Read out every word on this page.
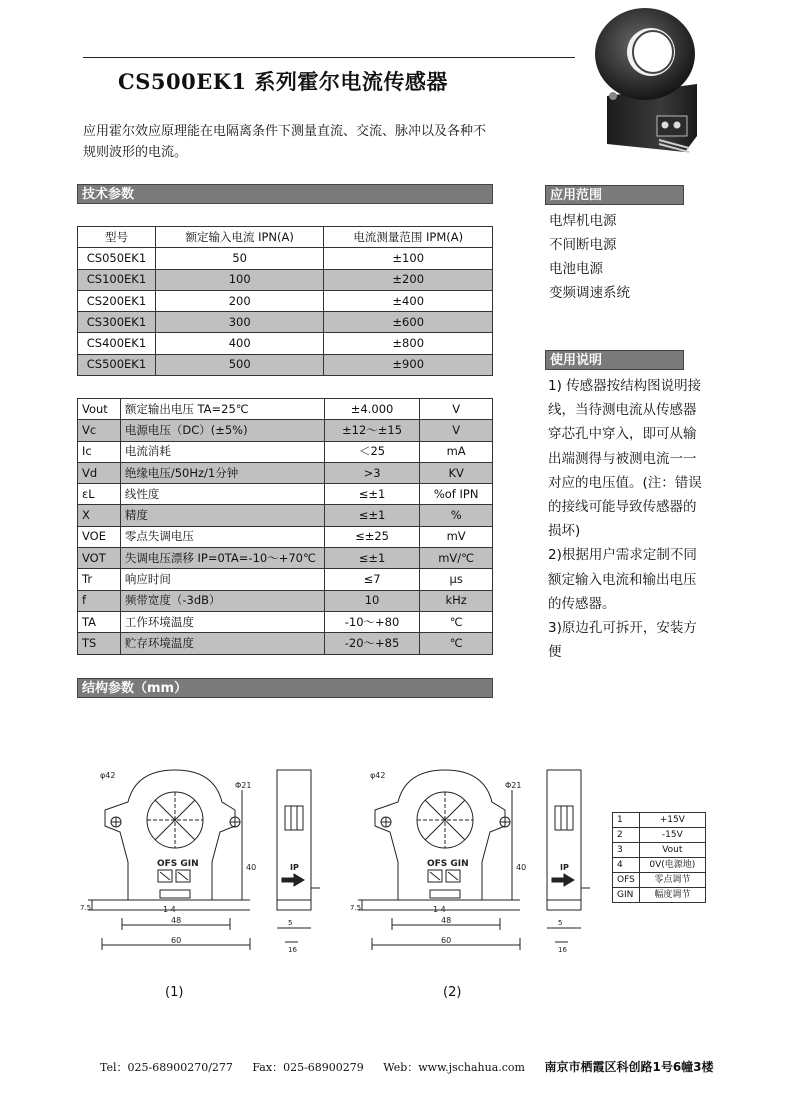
CS500EK1 系列霍尔电流传感器
应用霍尔效应原理能在电隔离条件下测量直流、交流、脉冲以及各种不规则波形的电流。
技术参数	应用范围
使用说明
结构参数（mm）
型号	额定输入电流 IPN(A)	电流测量范围 IPM(A)
CS050EK1	50	±100
CS100EK1	100	±200
CS200EK1	200	±400
CS300EK1	300	±600
CS400EK1	400	±800
CS500EK1	500	±900
Vout	额定输出电压 TA=25℃	±4.000	V
Vc	电源电压（DC）(±5%)	±12～±15	V
Ic	电流消耗	＜25	mA
Vd	绝缘电压/50Hz/1分钟	>3	KV
εL	线性度	≤±1	%of IPN
X	精度	≤±1	%
VOE	零点失调电压	≤±25	mV
VOT	失调电压漂移 IP=0TA=-10～+70℃	≤±1	mV/℃
Tr	响应时间	≤7	μs
f	频带宽度（-3dB）	10	kHz
TA	工作环境温度	-10～+80	℃
TS	贮存环境温度	-20～+85	℃
电焊机电源
不间断电源
电池电源
变频调速系统

1) 传感器按结构图说明接线，当待测电流从传感器穿芯孔中穿入，即可从输出端测得与被测电流一一对应的电压值。(注：错误的接线可能导致传感器的损坏)

2)根据用户需求定制不同额定输入电流和输出电压的传感器。

3)原边孔可拆开，安装方便

φ42
Φ21
OFS GIN
1 4
48
60
40
7.5
IP
5
16
φ42
Φ21
OFS GIN
1 4
48
60
40
7.5
IP
5
16
1	+15V
2	-15V
3	Vout
4	0V(电源地)
OFS	零点调节
GIN	幅度调节
(1)	(2)
Tel：025-68900270/277 Fax：025-68900279 Web：www.jschahua.com 南京市栖霞区科创路1号6幢3楼
